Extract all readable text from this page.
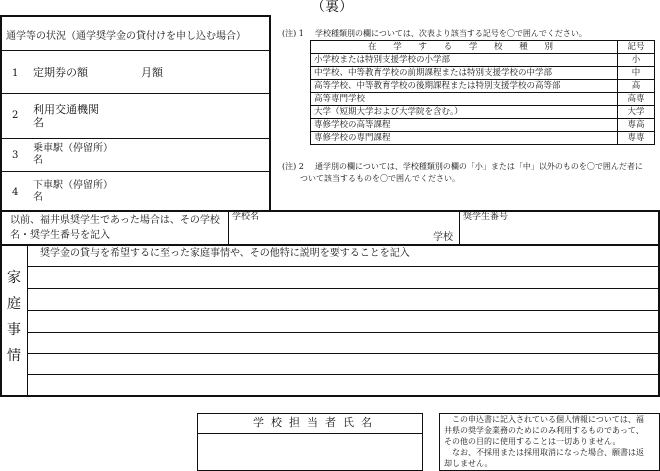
（裏）
通学等の状況（通学奨学金の貸付けを申し込む場合）
1 定期券の額	月額
2 利用交通機関
名
3
乗車駅（停留所）
名
4
下車駅（停留所）
名
(注) 1 学校種類別の欄については、次表より該当する記号を〇で囲んでください。
在 学 す る 学 校 種 別	記号
小学校または特別支援学校の小学部	小
中学校、中等教育学校の前期課程または特別支援学校の中学部	中
高等学校、中等教育学校の後期課程または特別支援学校の高等部	高
高等専門学校	高専
大学（短期大学および大学院を含む。）	大学
専修学校の高等課程	専高
専修学校の専門課程	専専
(注) 2 通学別の欄については、学校種類別の欄の「小」または「中」以外のものを〇で囲んだ者に
ついて該当するものを〇で囲んでください。
以前、福井県奨学生であった場合は、その学校
名・奨学生番号を記入
学校名
学校
奨学生番号
家
庭
事
情
奨学金の貸与を希望するに至った家庭事情や、その他特に説明を要することを記入
学校担当者氏名	この申込書に記入されている個人情報については、福
井県の奨学金業務のためにのみ利用するものであって、
その他の目的に使用することは一切ありません。
なお、不採用または採用取消になった場合、願書は返
却しません。
